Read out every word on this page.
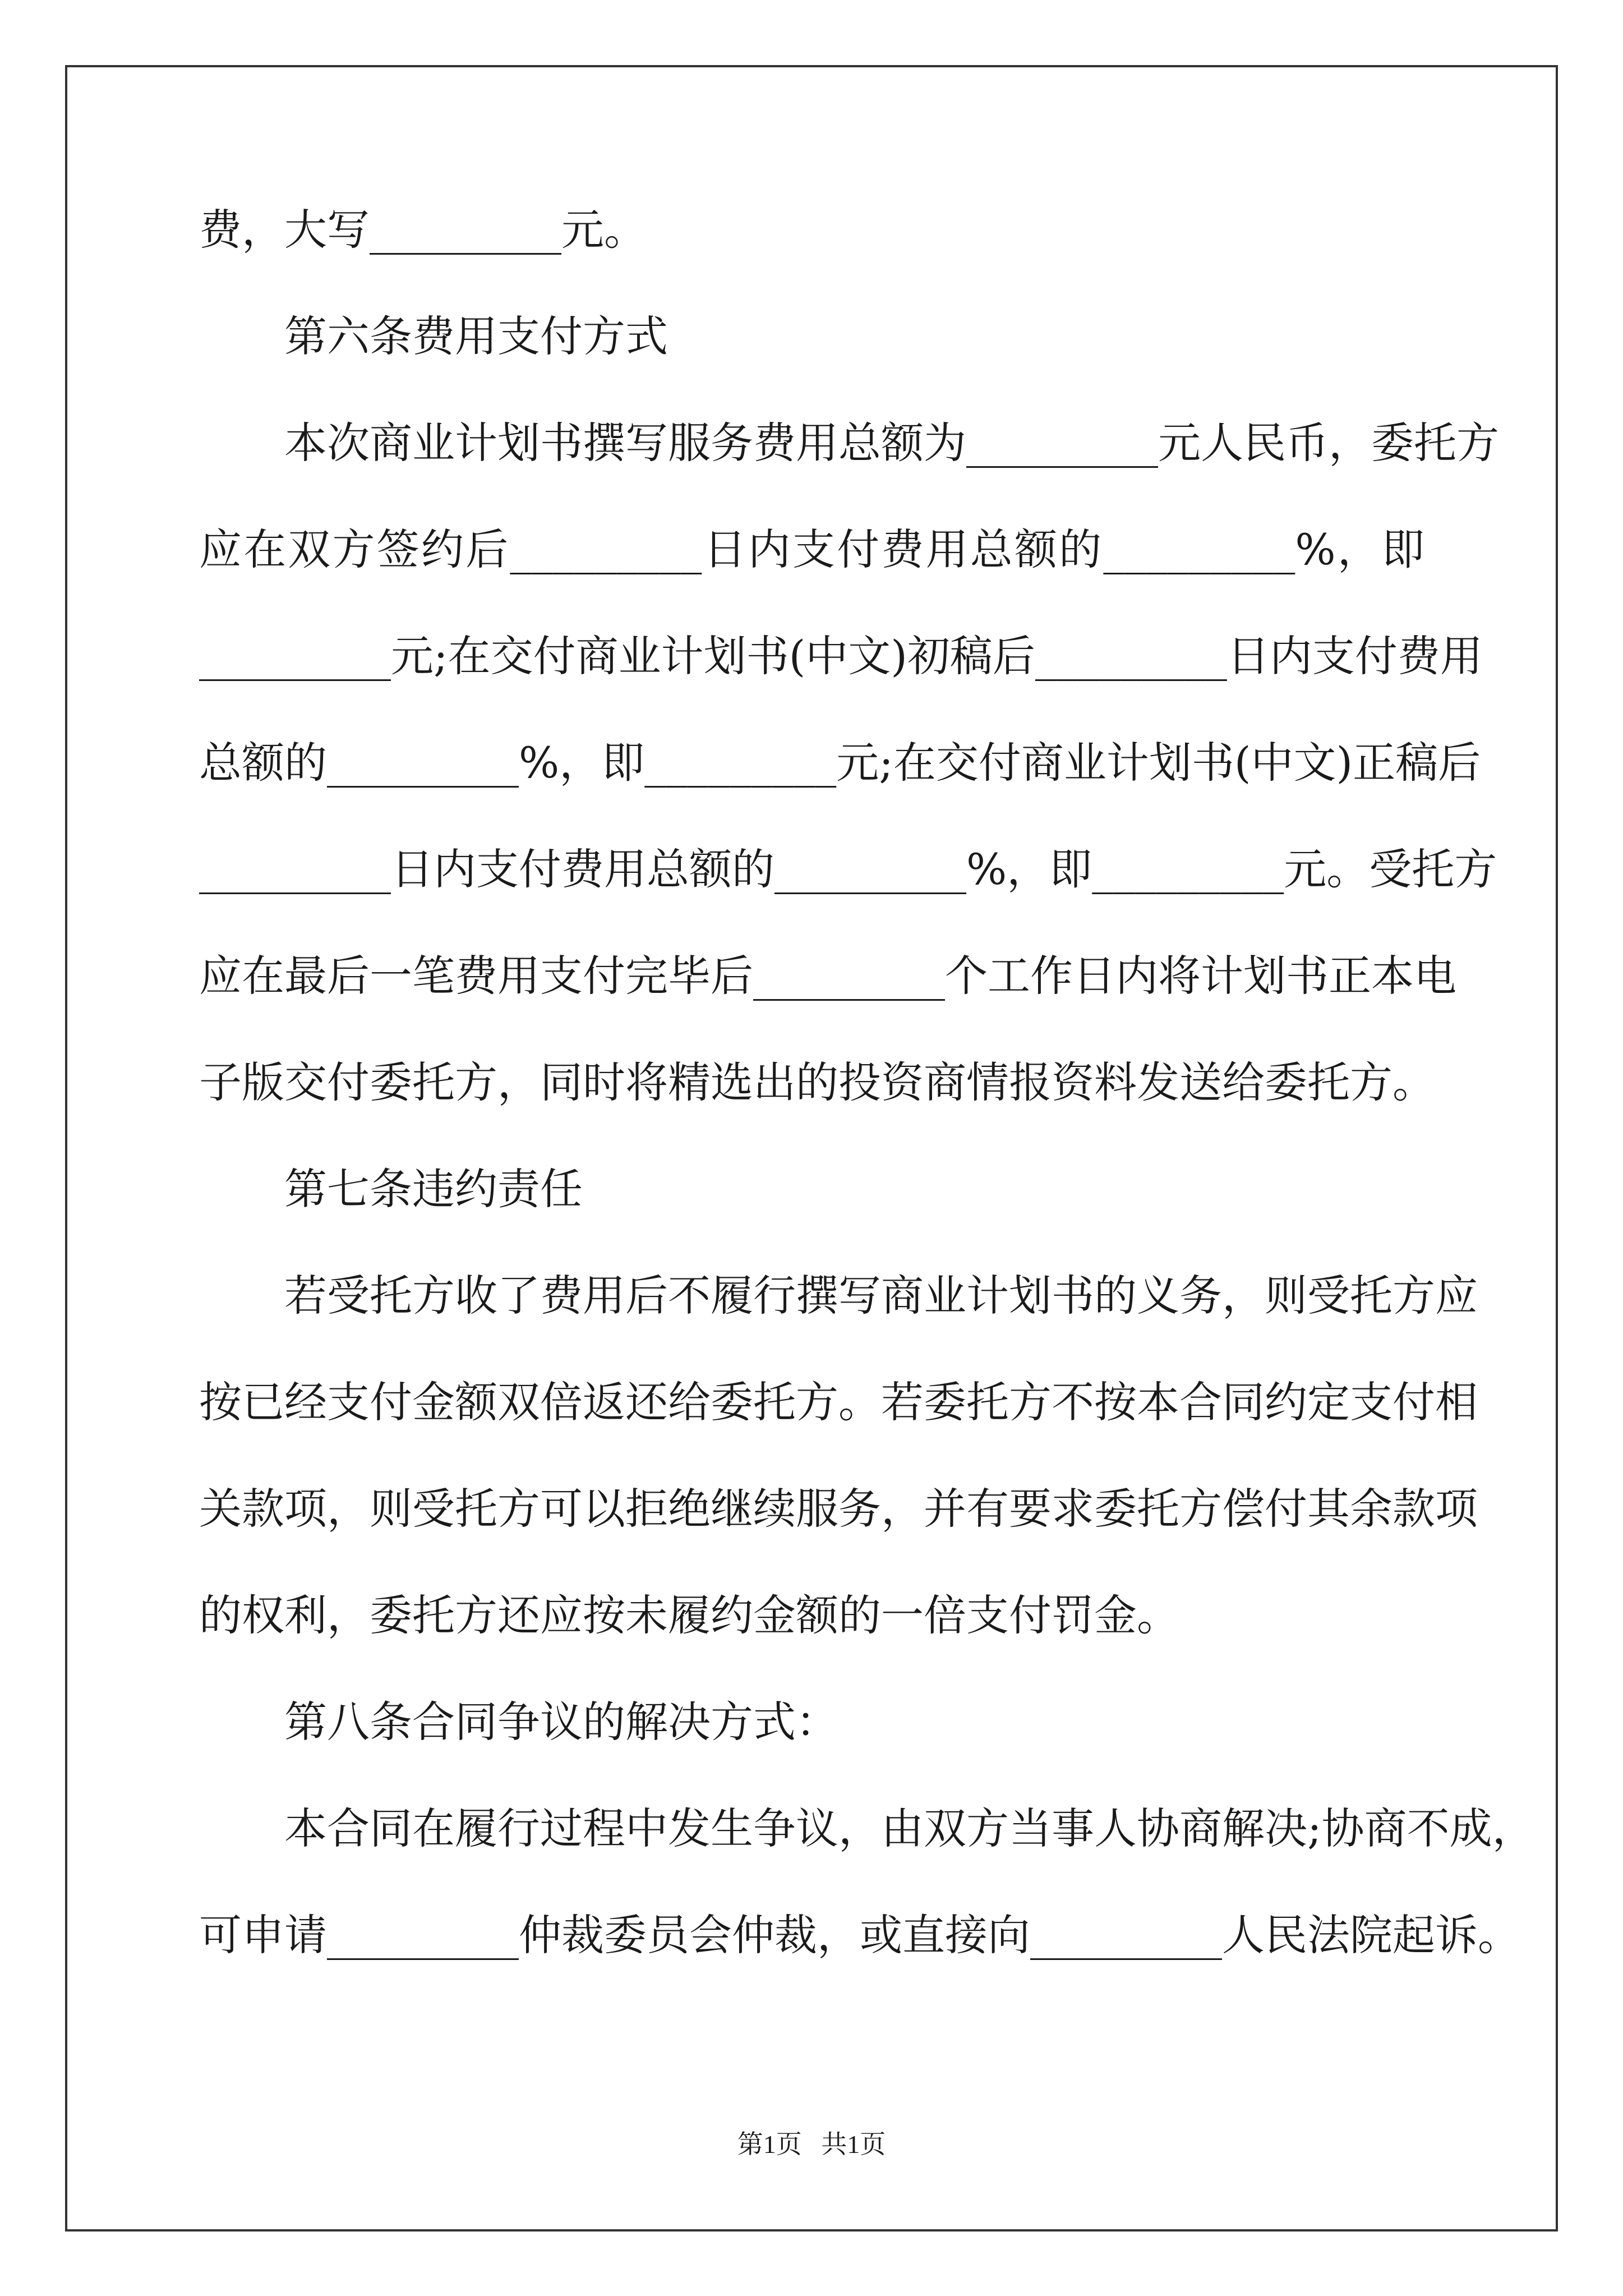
费，大写_________元。
第六条费用支付方式
本次商业计划书撰写服务费用总额为_________元人民币，委托方
应在双方签约后_________日内支付费用总额的_________%，即
_________元;在交付商业计划书(中文)初稿后_________日内支付费用
总额的_________%，即_________元;在交付商业计划书(中文)正稿后
_________日内支付费用总额的_________%，即_________元。受托方
应在最后一笔费用支付完毕后_________个工作日内将计划书正本电
子版交付委托方，同时将精选出的投资商情报资料发送给委托方。
第七条违约责任
若受托方收了费用后不履行撰写商业计划书的义务，则受托方应
按已经支付金额双倍返还给委托方。若委托方不按本合同约定支付相
关款项，则受托方可以拒绝继续服务，并有要求委托方偿付其余款项
的权利，委托方还应按未履约金额的一倍支付罚金。
第八条合同争议的解决方式：
本合同在履行过程中发生争议，由双方当事人协商解决;协商不成，
可申请_________仲裁委员会仲裁，或直接向_________人民法院起诉。
第1页   共1页
